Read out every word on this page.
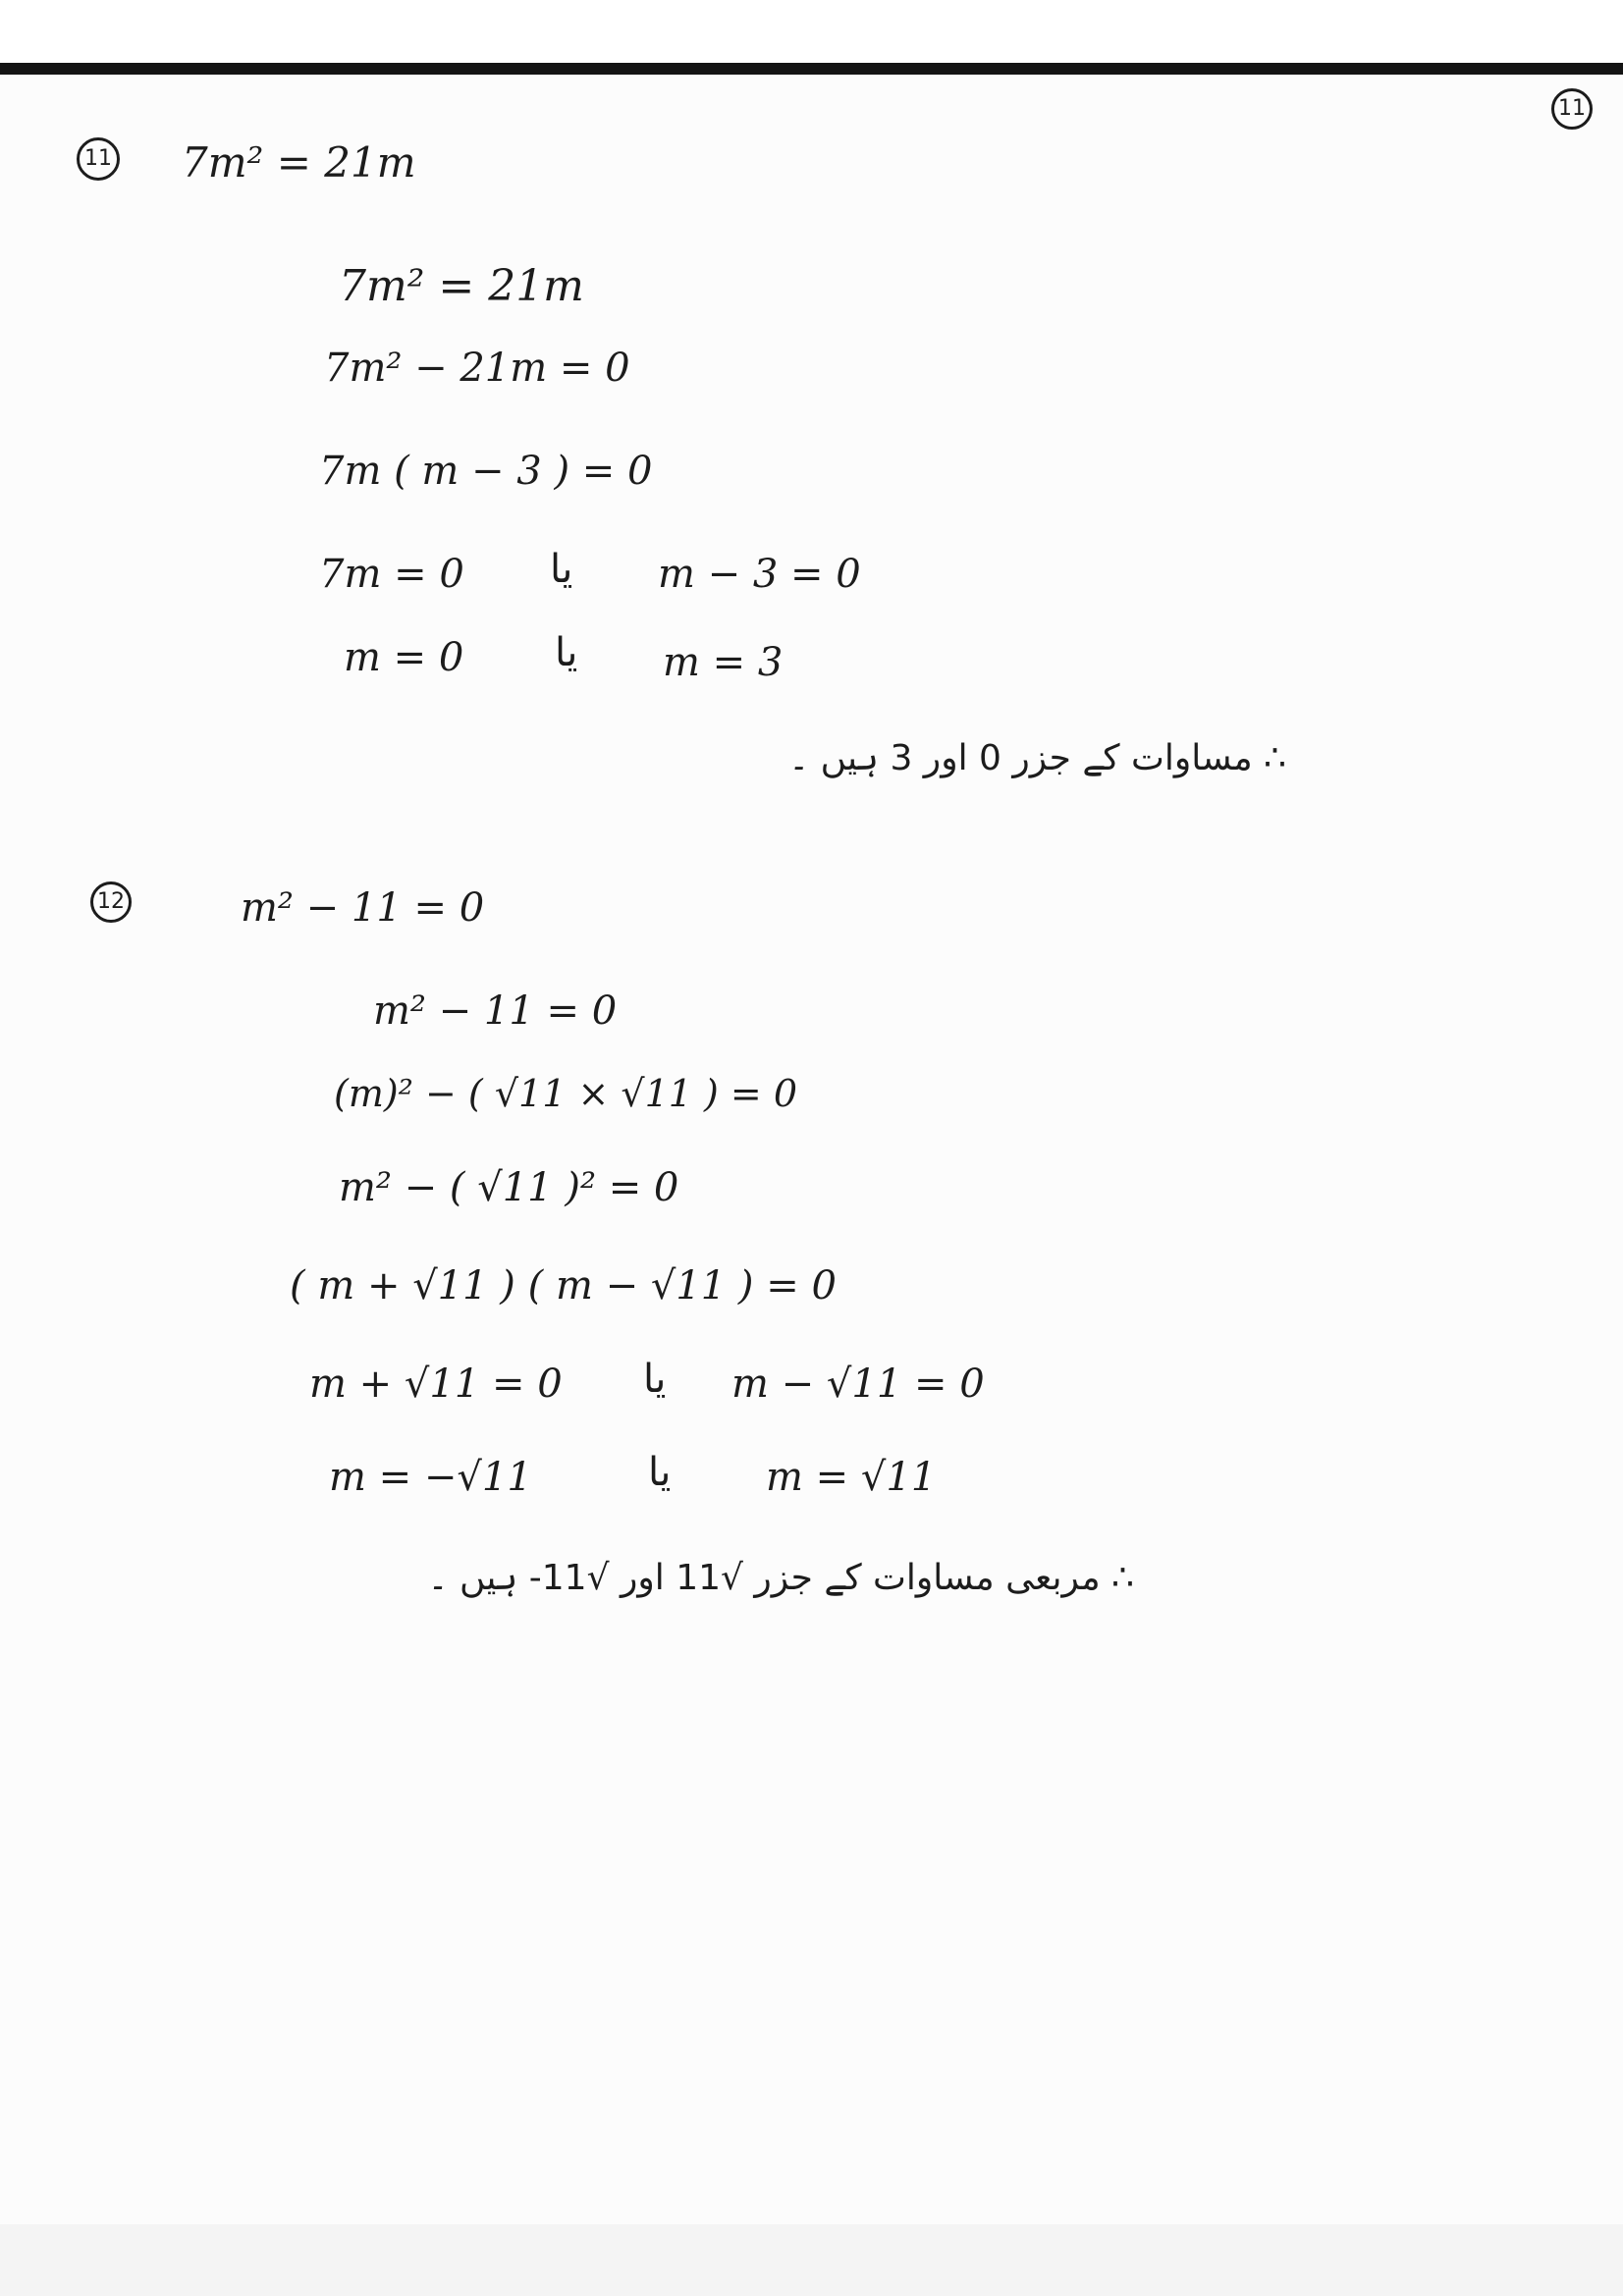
11
11 7m² = 21m
7m² = 21m
7m² − 21m = 0
7m ( m − 3 ) = 0
7m = 0 یا m − 3 = 0
m = 0 یا m = 3
∴ مساوات کے جزر 0 اور 3 ہیں ۔
12	m² − 11 = 0
m² − 11 = 0
(m)² − ( √11 × √11 ) = 0
m² − ( √11 )² = 0
( m + √11 ) ( m − √11 ) = 0
m + √11 = 0 یا m − √11 = 0
m = −√11	یا m = √11
∴ مربعی مساوات کے جزر √11 اور √11- ہیں ۔
